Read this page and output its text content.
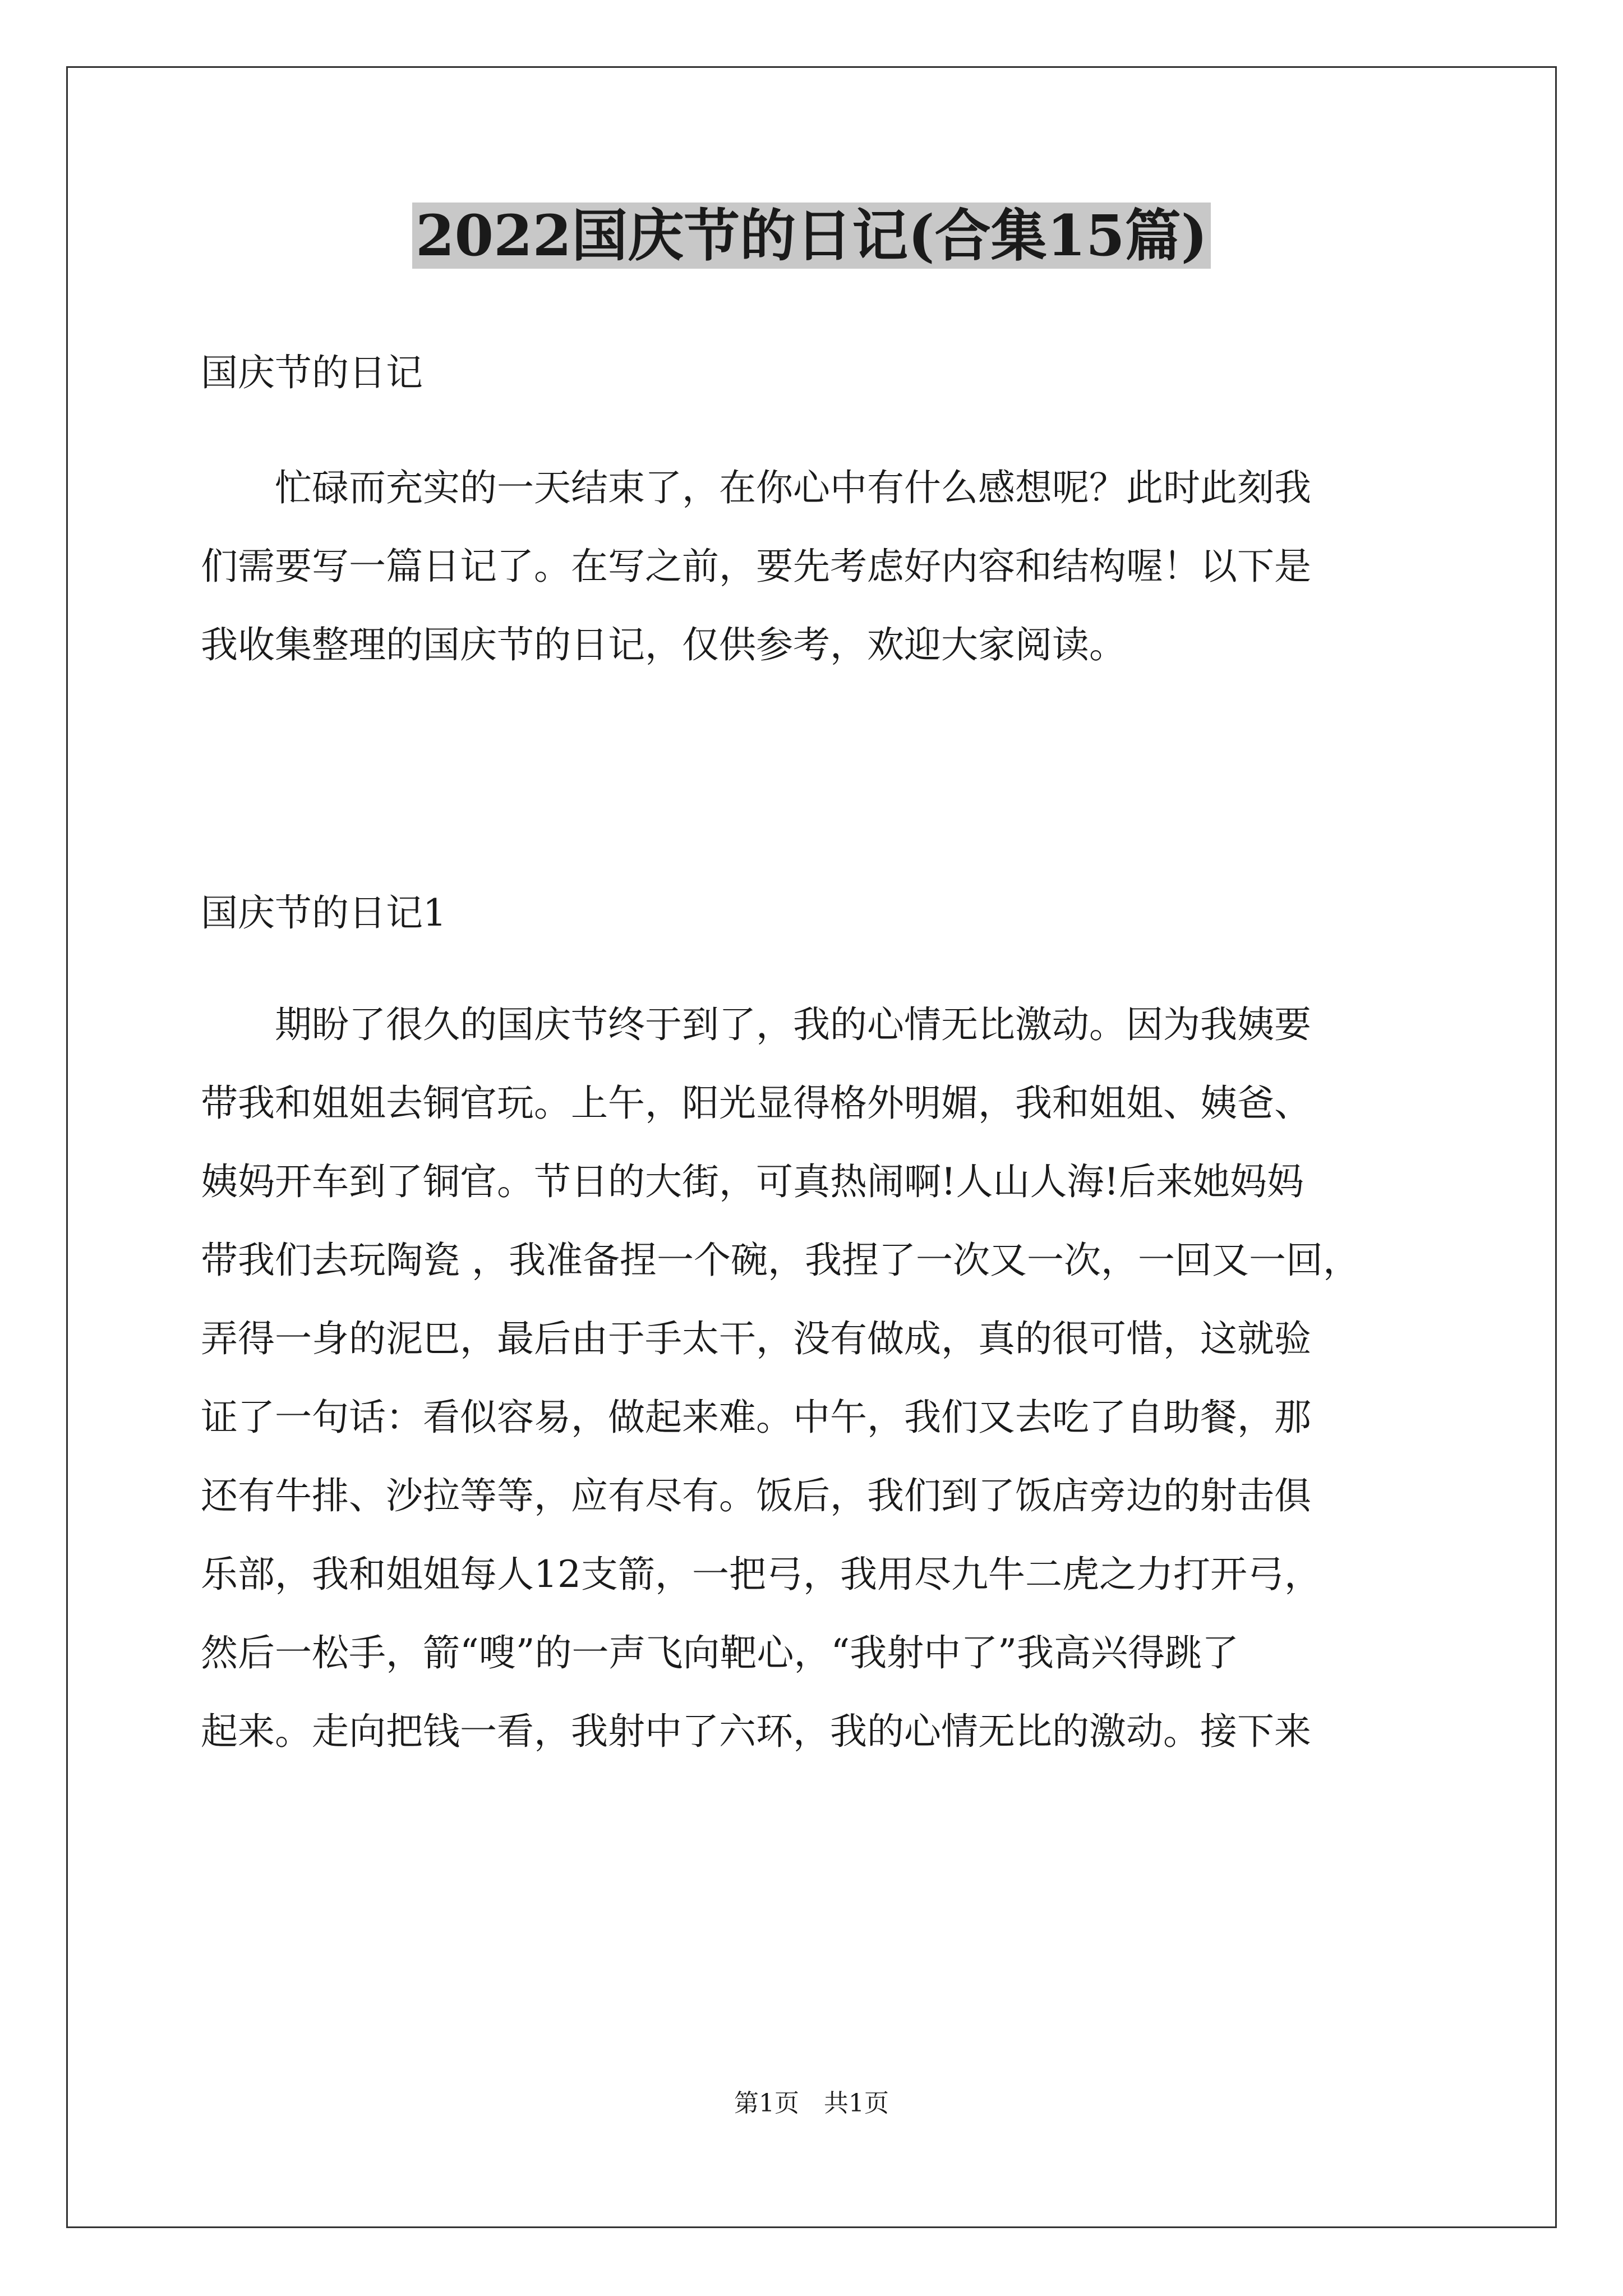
2022国庆节的日记(合集15篇)
国庆节的日记
　　忙碌而充实的一天结束了，在你心中有什么感想呢？此时此刻我
们需要写一篇日记了。在写之前，要先考虑好内容和结构喔！以下是
我收集整理的国庆节的日记，仅供参考，欢迎大家阅读。
国庆节的日记1
　　期盼了很久的国庆节终于到了，我的心情无比激动。因为我姨要
带我和姐姐去铜官玩。上午，阳光显得格外明媚，我和姐姐、姨爸、
姨妈开车到了铜官。节日的大街，可真热闹啊!人山人海!后来她妈妈
带我们去玩陶瓷 ，我准备捏一个碗，我捏了一次又一次，一回又一回，
弄得一身的泥巴，最后由于手太干，没有做成，真的很可惜，这就验
证了一句话：看似容易，做起来难。中午，我们又去吃了自助餐，那
还有牛排、沙拉等等，应有尽有。饭后，我们到了饭店旁边的射击俱
乐部，我和姐姐每人12支箭，一把弓，我用尽九牛二虎之力打开弓，
然后一松手，箭“嗖”的一声飞向靶心，“我射中了”我高兴得跳了
起来。走向把钱一看，我射中了六环，我的心情无比的激动。接下来
第1页　共1页
